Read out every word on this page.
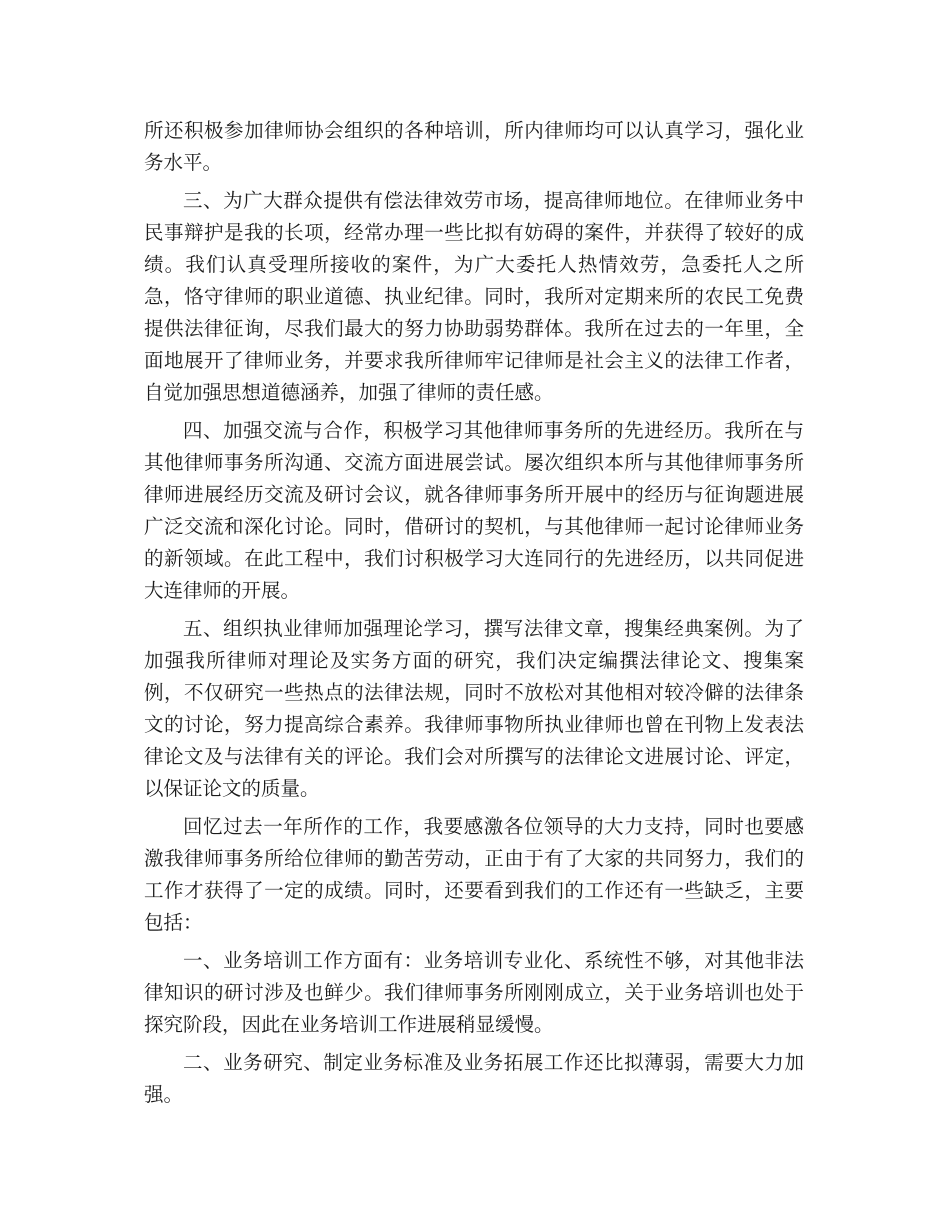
所还积极参加律师协会组织的各种培训，所内律师均可以认真学习，强化业务水平。

三、为广大群众提供有偿法律效劳市场，提高律师地位。在律师业务中民事辩护是我的长项，经常办理一些比拟有妨碍的案件，并获得了较好的成绩。我们认真受理所接收的案件，为广大委托人热情效劳，急委托人之所急，恪守律师的职业道德、执业纪律。同时，我所对定期来所的农民工免费提供法律征询，尽我们最大的努力协助弱势群体。我所在过去的一年里，全面地展开了律师业务，并要求我所律师牢记律师是社会主义的法律工作者，自觉加强思想道德涵养，加强了律师的责任感。

四、加强交流与合作，积极学习其他律师事务所的先进经历。我所在与其他律师事务所沟通、交流方面进展尝试。屡次组织本所与其他律师事务所律师进展经历交流及研讨会议，就各律师事务所开展中的经历与征询题进展广泛交流和深化讨论。同时，借研讨的契机，与其他律师一起讨论律师业务的新领域。在此工程中，我们讨积极学习大连同行的先进经历，以共同促进大连律师的开展。

五、组织执业律师加强理论学习，撰写法律文章，搜集经典案例。为了加强我所律师对理论及实务方面的研究，我们决定编撰法律论文、搜集案例，不仅研究一些热点的法律法规，同时不放松对其他相对较冷僻的法律条文的讨论，努力提高综合素养。我律师事物所执业律师也曾在刊物上发表法律论文及与法律有关的评论。我们会对所撰写的法律论文进展讨论、评定，以保证论文的质量。

回忆过去一年所作的工作，我要感激各位领导的大力支持，同时也要感激我律师事务所给位律师的勤苦劳动，正由于有了大家的共同努力，我们的工作才获得了一定的成绩。同时，还要看到我们的工作还有一些缺乏，主要包括：

一、业务培训工作方面有：业务培训专业化、系统性不够，对其他非法律知识的研讨涉及也鲜少。我们律师事务所刚刚成立，关于业务培训也处于探究阶段，因此在业务培训工作进展稍显缓慢。

二、业务研究、制定业务标准及业务拓展工作还比拟薄弱，需要大力加强。
